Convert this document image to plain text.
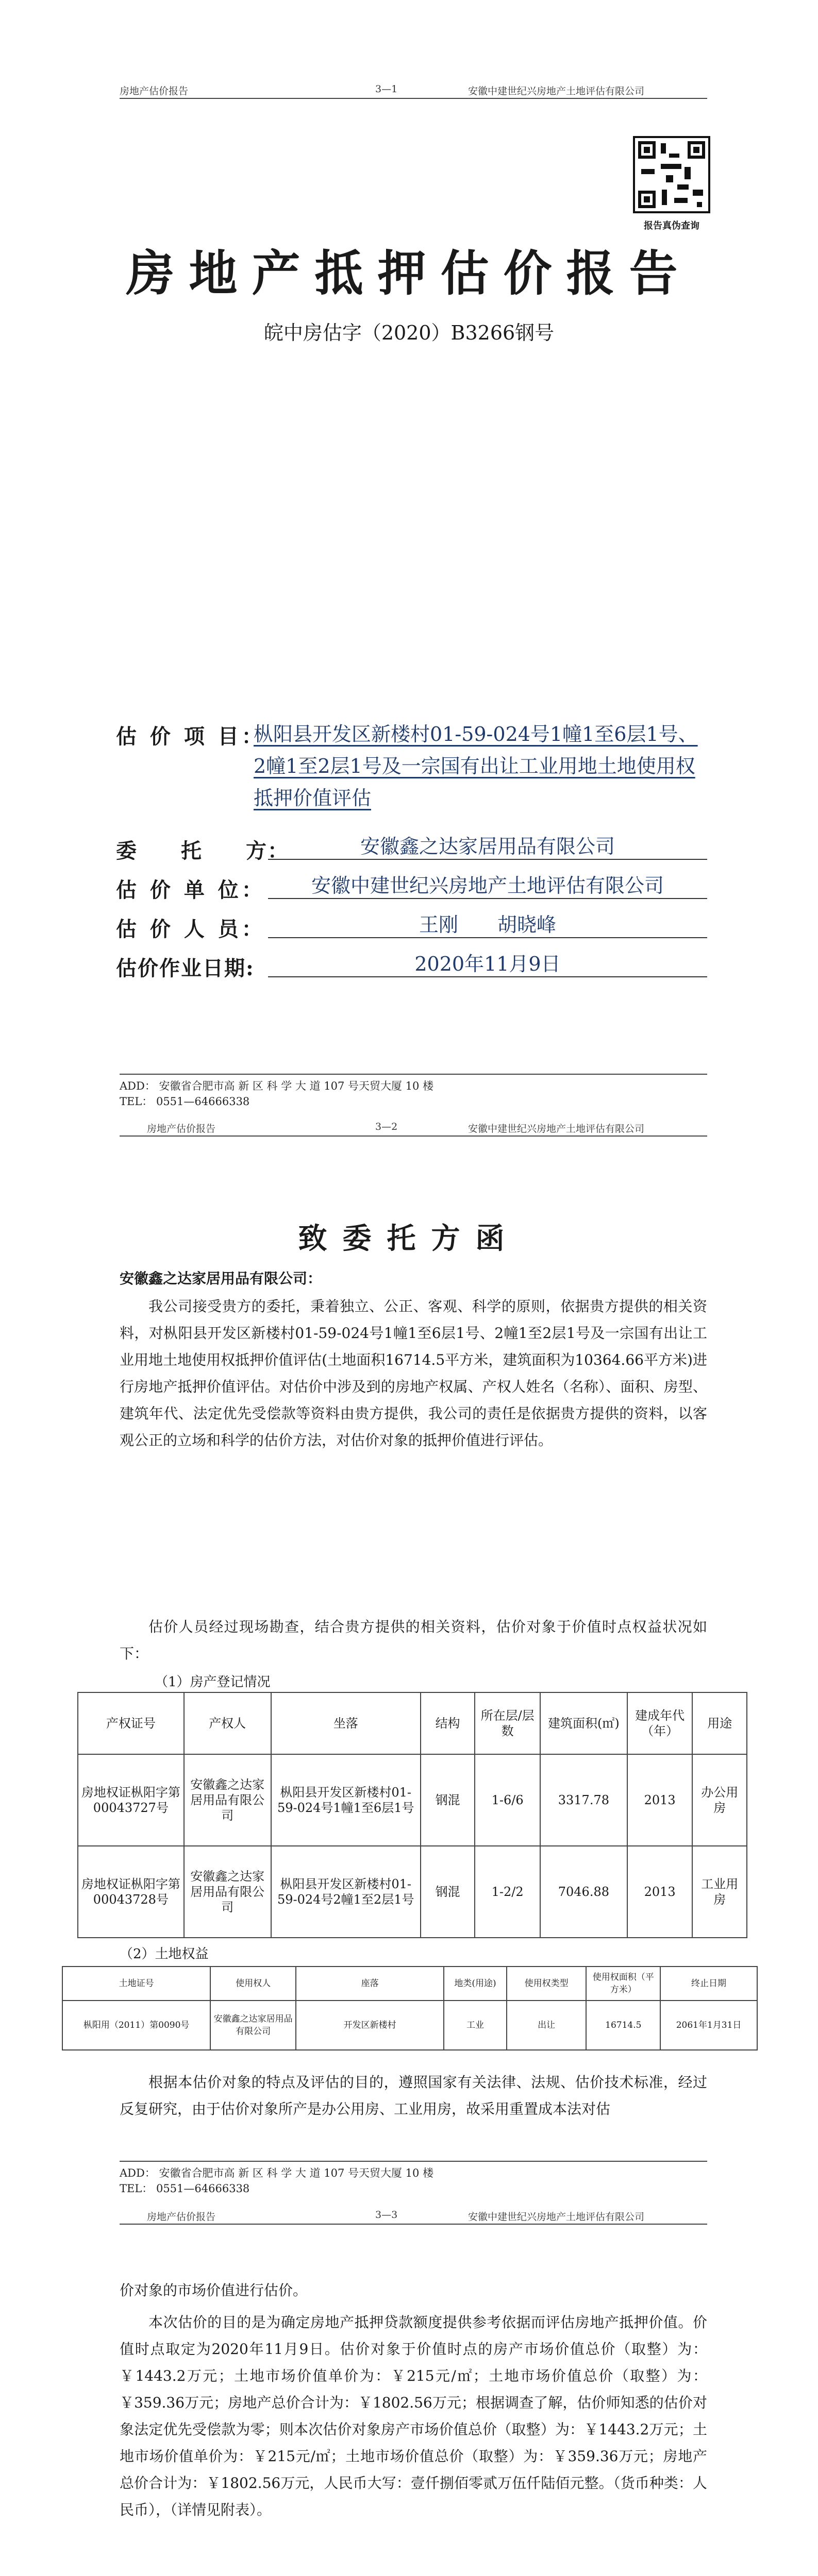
房地产估价报告	3—1	安徽中建世纪兴房地产土地评估有限公司
报告真伪查询
房地产抵押估价报告
皖中房估字（2020）B3266钢号
估 价 项 目：
枞阳县开发区新楼村01-59-024号1幢1至6层1号、2幢1至2层1号及一宗国有出让工业用地土地使用权抵押价值评估
委　　托　　方：	安徽鑫之达家居用品有限公司
估 价 单 位：	安徽中建世纪兴房地产土地评估有限公司
估 价 人 员：	王刚　　胡晓峰
估价作业日期:	2020年11月9日
ADD： 安徽省合肥市高 新 区 科 学 大 道 107 号天贸大厦 10 楼
TEL： 0551—64666338
房地产估价报告	3—2	安徽中建世纪兴房地产土地评估有限公司
致委托方函
安徽鑫之达家居用品有限公司：
我公司接受贵方的委托，秉着独立、公正、客观、科学的原则，依据贵方提供的相关资料，对枞阳县开发区新楼村01-59-024号1幢1至6层1号、2幢1至2层1号及一宗国有出让工业用地土地使用权抵押价值评估(土地面积16714.5平方米，建筑面积为10364.66平方米)进行房地产抵押价值评估。对估价中涉及到的房地产权属、产权人姓名（名称）、面积、房型、建筑年代、法定优先受偿款等资料由贵方提供，我公司的责任是依据贵方提供的资料，以客观公正的立场和科学的估价方法，对估价对象的抵押价值进行评估。
估价人员经过现场勘查，结合贵方提供的相关资料，估价对象于价值时点权益状况如下：
（1）房产登记情况
产权证号	产权人	坐落	结构	所在层/层数	建筑面积(㎡)	建成年代（年）	用途
房地权证枞阳字第00043727号	安徽鑫之达家居用品有限公司	枞阳县开发区新楼村01-59-024号1幢1至6层1号	钢混	1-6/6	3317.78	2013	办公用房
房地权证枞阳字第00043728号	安徽鑫之达家居用品有限公司	枞阳县开发区新楼村01-59-024号2幢1至2层1号	钢混	1-2/2	7046.88	2013	工业用房
（2）土地权益
土地证号	使用权人	座落	地类(用途)	使用权类型	使用权面积（平方米）	终止日期
枞阳用（2011）第0090号	安徽鑫之达家居用品有限公司	开发区新楼村	工业	出让	16714.5	2061年1月31日
根据本估价对象的特点及评估的目的，遵照国家有关法律、法规、估价技术标准，经过反复研究，由于估价对象所产是办公用房、工业用房，故采用重置成本法对估
ADD： 安徽省合肥市高 新 区 科 学 大 道 107 号天贸大厦 10 楼
TEL： 0551—64666338
房地产估价报告	3—3	安徽中建世纪兴房地产土地评估有限公司
价对象的市场价值进行估价。
本次估价的目的是为确定房地产抵押贷款额度提供参考依据而评估房地产抵押价值。价值时点取定为2020年11月9日。估价对象于价值时点的房产市场价值总价（取整）为：￥1443.2万元；土地市场价值单价为：￥215元/㎡；土地市场价值总价（取整）为：￥359.36万元；房地产总价合计为：￥1802.56万元；根据调查了解，估价师知悉的估价对象法定优先受偿款为零；则本次估价对象房产市场价值总价（取整）为：￥1443.2万元；土地市场价值单价为：￥215元/㎡；土地市场价值总价（取整）为：￥359.36万元；房地产总价合计为：￥1802.56万元，人民币大写：壹仟捌佰零贰万伍仟陆佰元整。（货币种类：人民币），（详情见附表）。
